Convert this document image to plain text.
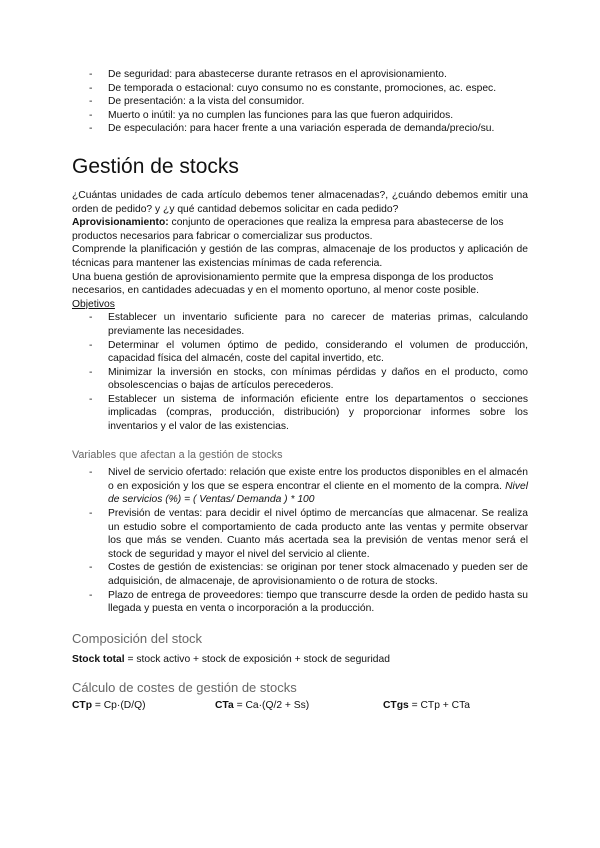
- De seguridad: para abastecerse durante retrasos en el aprovisionamiento.
- De temporada o estacional: cuyo consumo no es constante, promociones, ac. espec.
- De presentación: a la vista del consumidor.
- Muerto o inútil: ya no cumplen las funciones para las que fueron adquiridos.
- De especulación: para hacer frente a una variación esperada de demanda/precio/su.
Gestión de stocks

¿Cuántas unidades de cada artículo debemos tener almacenadas?, ¿cuándo debemos emitir una orden de pedido? y ¿y qué cantidad debemos solicitar en cada pedido?

Aprovisionamiento: conjunto de operaciones que realiza la empresa para abastecerse de los productos necesarios para fabricar o comercializar sus productos.

Comprende la planificación y gestión de las compras, almacenaje de los productos y aplicación de técnicas para mantener las existencias mínimas de cada referencia.

Una buena gestión de aprovisionamiento permite que la empresa disponga de los productos necesarios, en cantidades adecuadas y en el momento oportuno, al menor coste posible.

Objetivos

- Establecer un inventario suficiente para no carecer de materias primas, calculando previamente las necesidades.
- Determinar el volumen óptimo de pedido, considerando el volumen de producción, capacidad física del almacén, coste del capital invertido, etc.
- Minimizar la inversión en stocks, con mínimas pérdidas y daños en el producto, como obsolescencias o bajas de artículos perecederos.
- Establecer un sistema de información eficiente entre los departamentos o secciones implicadas (compras, producción, distribución) y proporcionar informes sobre los inventarios y el valor de las existencias.
Variables que afectan a la gestión de stocks
- Nivel de servicio ofertado: relación que existe entre los productos disponibles en el almacén o en exposición y los que se espera encontrar el cliente en el momento de la compra. Nivel de servicios (%) = ( Ventas/ Demanda ) * 100
- Previsión de ventas: para decidir el nivel óptimo de mercancías que almacenar. Se realiza un estudio sobre el comportamiento de cada producto ante las ventas y permite observar los que más se venden. Cuanto más acertada sea la previsión de ventas menor será el stock de seguridad y mayor el nivel del servicio al cliente.
- Costes de gestión de existencias: se originan por tener stock almacenado y pueden ser de adquisición, de almacenaje, de aprovisionamiento o de rotura de stocks.
- Plazo de entrega de proveedores: tiempo que transcurre desde la orden de pedido hasta su llegada y puesta en venta o incorporación a la producción.
Composición del stock

Stock total = stock activo + stock de exposición + stock de seguridad

Cálculo de costes de gestión de stocks
CTp = Cp·(D/Q)	CTa = Ca·(Q/2 + Ss)	CTgs = CTp + CTa
